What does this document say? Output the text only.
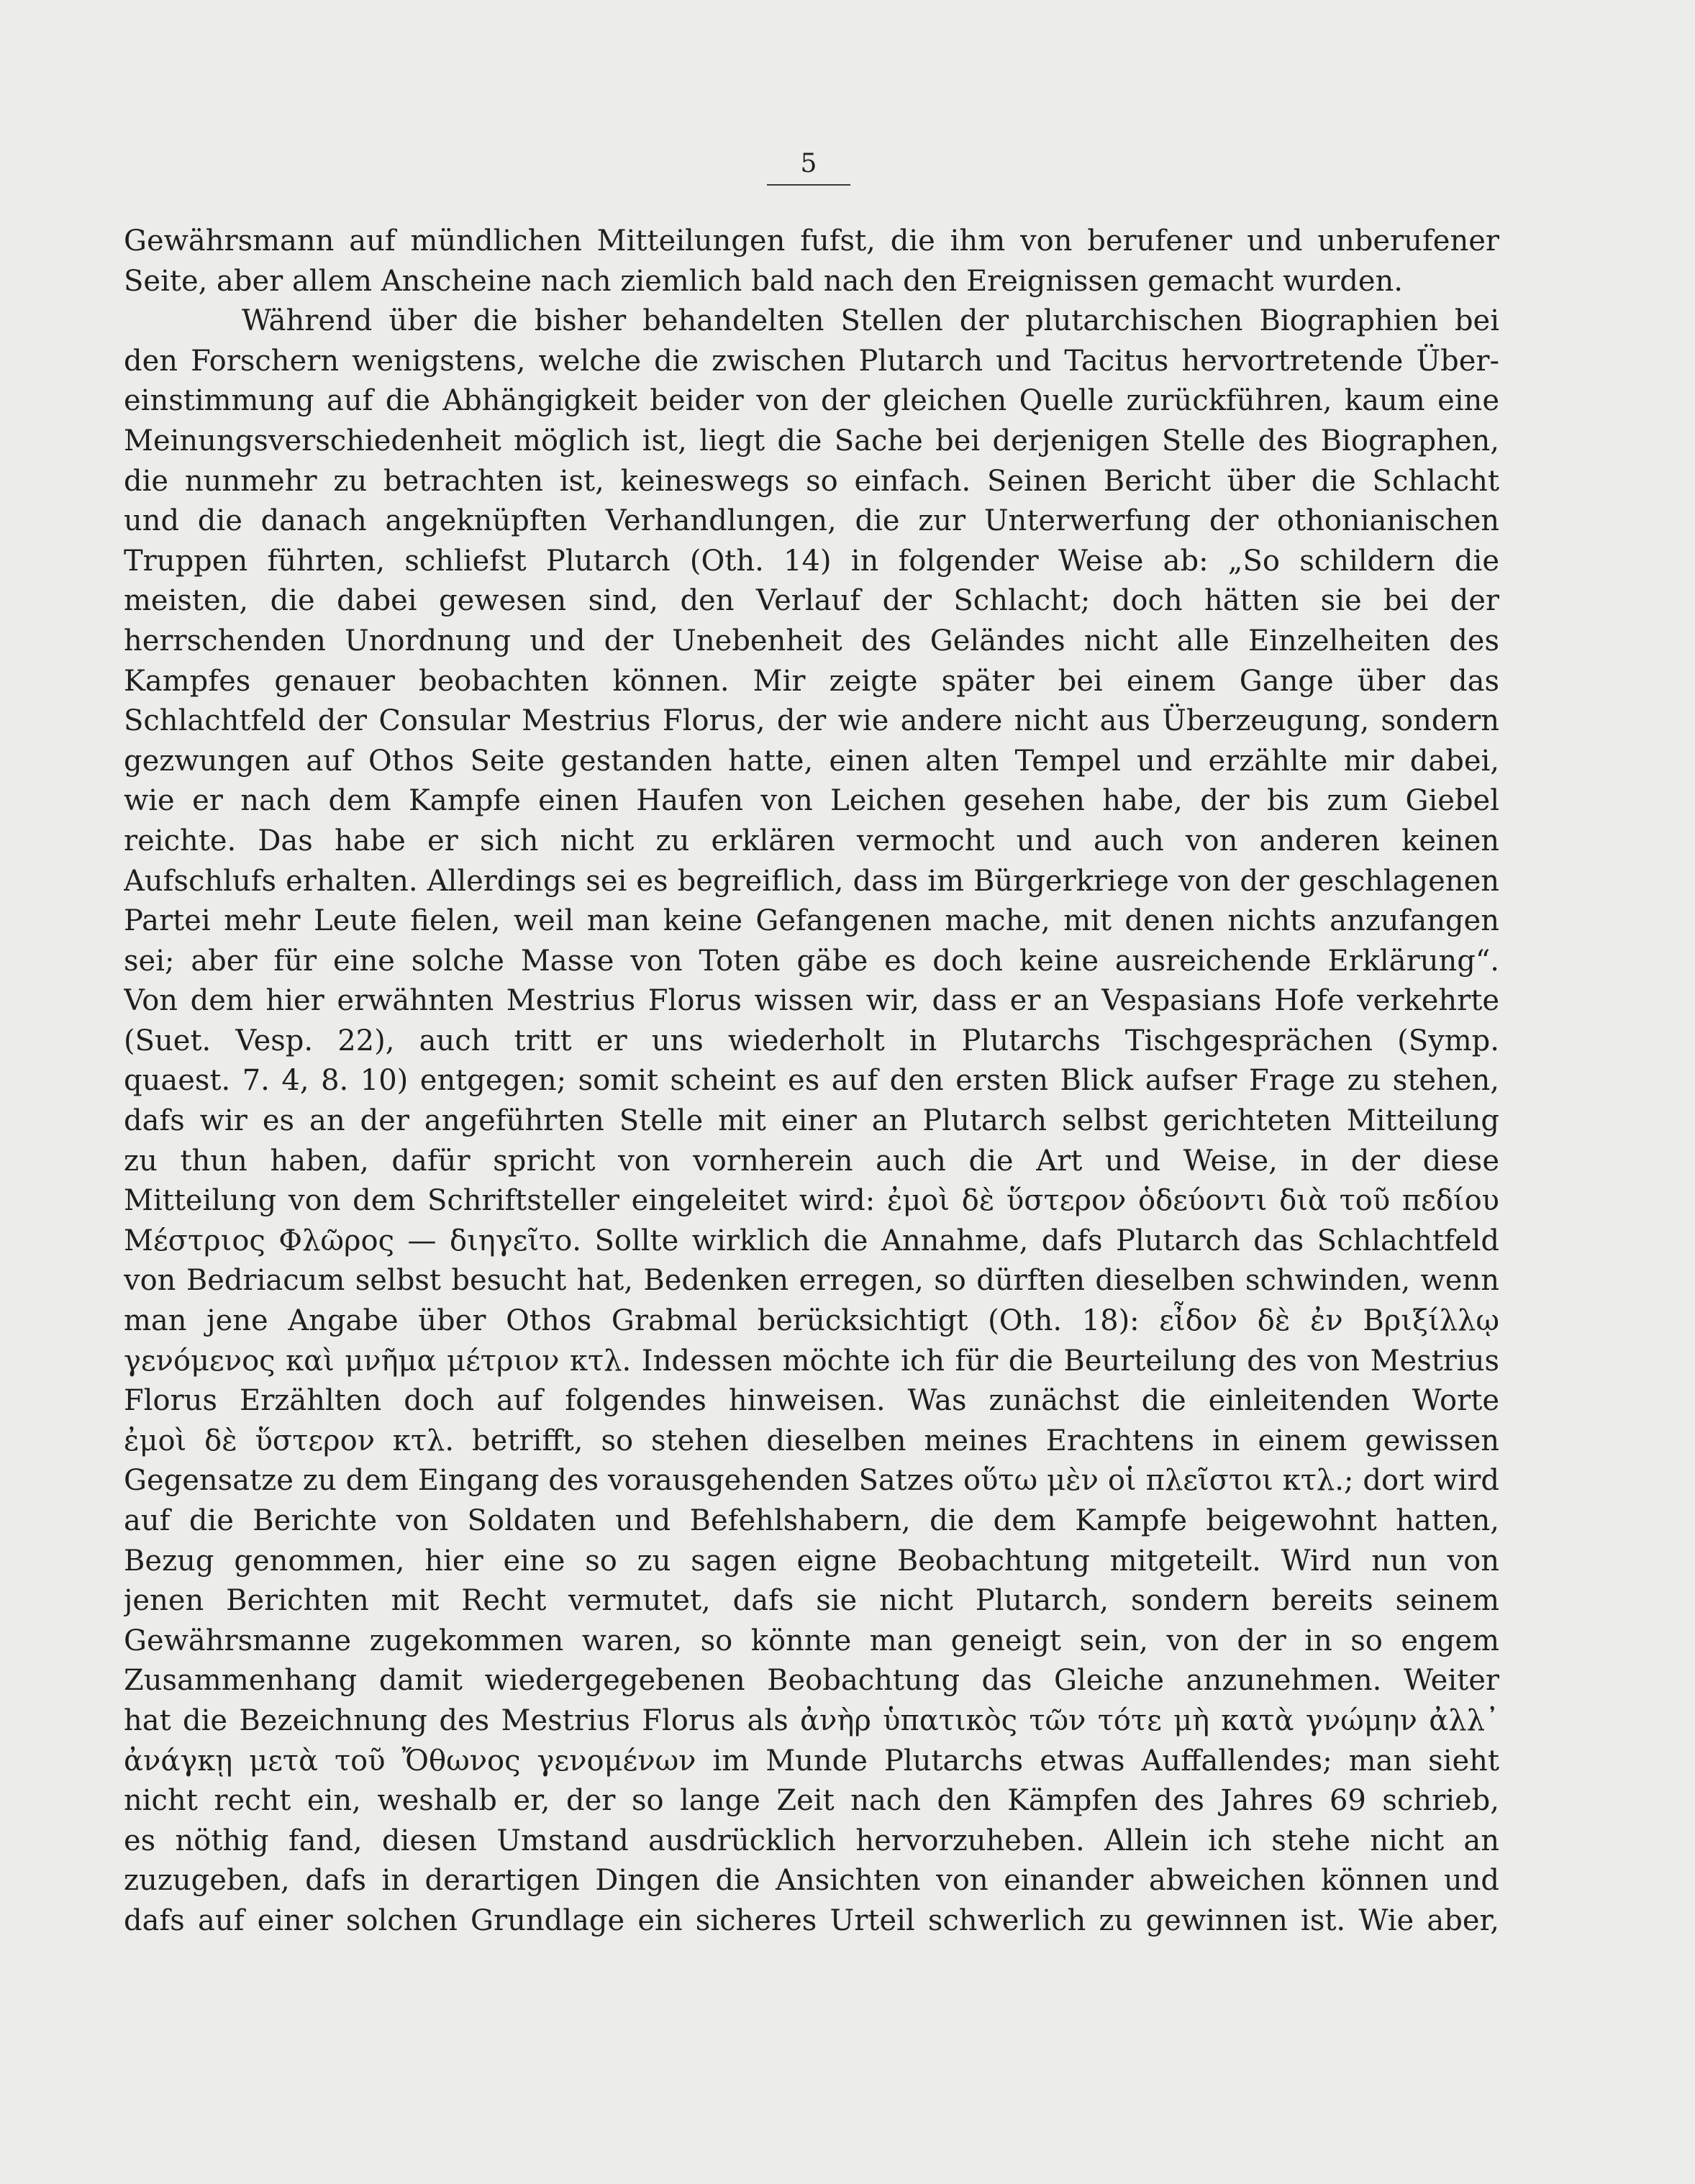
5
Gewährsmann auf mündlichen Mitteilungen fufst, die ihm von berufener und unberufener
Seite, aber allem Anscheine nach ziemlich bald nach den Ereignissen gemacht wurden.
Während über die bisher behandelten Stellen der plutarchischen Biographien bei
den Forschern wenigstens, welche die zwischen Plutarch und Tacitus hervortretende Über-
einstimmung auf die Abhängigkeit beider von der gleichen Quelle zurückführen, kaum eine
Meinungsverschiedenheit möglich ist, liegt die Sache bei derjenigen Stelle des Biographen,
die nunmehr zu betrachten ist, keineswegs so einfach. Seinen Bericht über die Schlacht
und die danach angeknüpften Verhandlungen, die zur Unterwerfung der othonianischen
Truppen führten, schliefst Plutarch (Oth. 14) in folgender Weise ab: „So schildern die
meisten, die dabei gewesen sind, den Verlauf der Schlacht; doch hätten sie bei der
herrschenden Unordnung und der Unebenheit des Geländes nicht alle Einzelheiten des
Kampfes genauer beobachten können. Mir zeigte später bei einem Gange über das
Schlachtfeld der Consular Mestrius Florus, der wie andere nicht aus Überzeugung, sondern
gezwungen auf Othos Seite gestanden hatte, einen alten Tempel und erzählte mir dabei,
wie er nach dem Kampfe einen Haufen von Leichen gesehen habe, der bis zum Giebel
reichte. Das habe er sich nicht zu erklären vermocht und auch von anderen keinen
Aufschlufs erhalten. Allerdings sei es begreiflich, dass im Bürgerkriege von der geschlagenen
Partei mehr Leute fielen, weil man keine Gefangenen mache, mit denen nichts anzufangen
sei; aber für eine solche Masse von Toten gäbe es doch keine ausreichende Erklärung“.
Von dem hier erwähnten Mestrius Florus wissen wir, dass er an Vespasians Hofe verkehrte
(Suet. Vesp. 22), auch tritt er uns wiederholt in Plutarchs Tischgesprächen (Symp.
quaest. 7. 4, 8. 10) entgegen; somit scheint es auf den ersten Blick aufser Frage zu stehen,
dafs wir es an der angeführten Stelle mit einer an Plutarch selbst gerichteten Mitteilung
zu thun haben, dafür spricht von vornherein auch die Art und Weise, in der diese
Mitteilung von dem Schriftsteller eingeleitet wird: ἐμοὶ δὲ ὕστερον ὁδεύοντι διὰ τοῦ πεδίου
Μέστριος Φλῶρος — διηγεῖτο. Sollte wirklich die Annahme, dafs Plutarch das Schlachtfeld
von Bedriacum selbst besucht hat, Bedenken erregen, so dürften dieselben schwinden, wenn
man jene Angabe über Othos Grabmal berücksichtigt (Oth. 18): εἶδον δὲ ἐν Βριξίλλῳ
γενόμενος καὶ μνῆμα μέτριον κτλ. Indessen möchte ich für die Beurteilung des von Mestrius
Florus Erzählten doch auf folgendes hinweisen. Was zunächst die einleitenden Worte
ἐμοὶ δὲ ὕστερον κτλ. betrifft, so stehen dieselben meines Erachtens in einem gewissen
Gegensatze zu dem Eingang des vorausgehenden Satzes οὕτω μὲν οἱ πλεῖστοι κτλ.; dort wird
auf die Berichte von Soldaten und Befehlshabern, die dem Kampfe beigewohnt hatten,
Bezug genommen, hier eine so zu sagen eigne Beobachtung mitgeteilt. Wird nun von
jenen Berichten mit Recht vermutet, dafs sie nicht Plutarch, sondern bereits seinem
Gewährsmanne zugekommen waren, so könnte man geneigt sein, von der in so engem
Zusammenhang damit wiedergegebenen Beobachtung das Gleiche anzunehmen. Weiter
hat die Bezeichnung des Mestrius Florus als ἀνὴρ ὑπατικὸς τῶν τότε μὴ κατὰ γνώμην ἀλλ᾽
ἀνάγκῃ μετὰ τοῦ Ὄθωνος γενομένων im Munde Plutarchs etwas Auffallendes; man sieht
nicht recht ein, weshalb er, der so lange Zeit nach den Kämpfen des Jahres 69 schrieb,
es nöthig fand, diesen Umstand ausdrücklich hervorzuheben. Allein ich stehe nicht an
zuzugeben, dafs in derartigen Dingen die Ansichten von einander abweichen können und
dafs auf einer solchen Grundlage ein sicheres Urteil schwerlich zu gewinnen ist. Wie aber,
